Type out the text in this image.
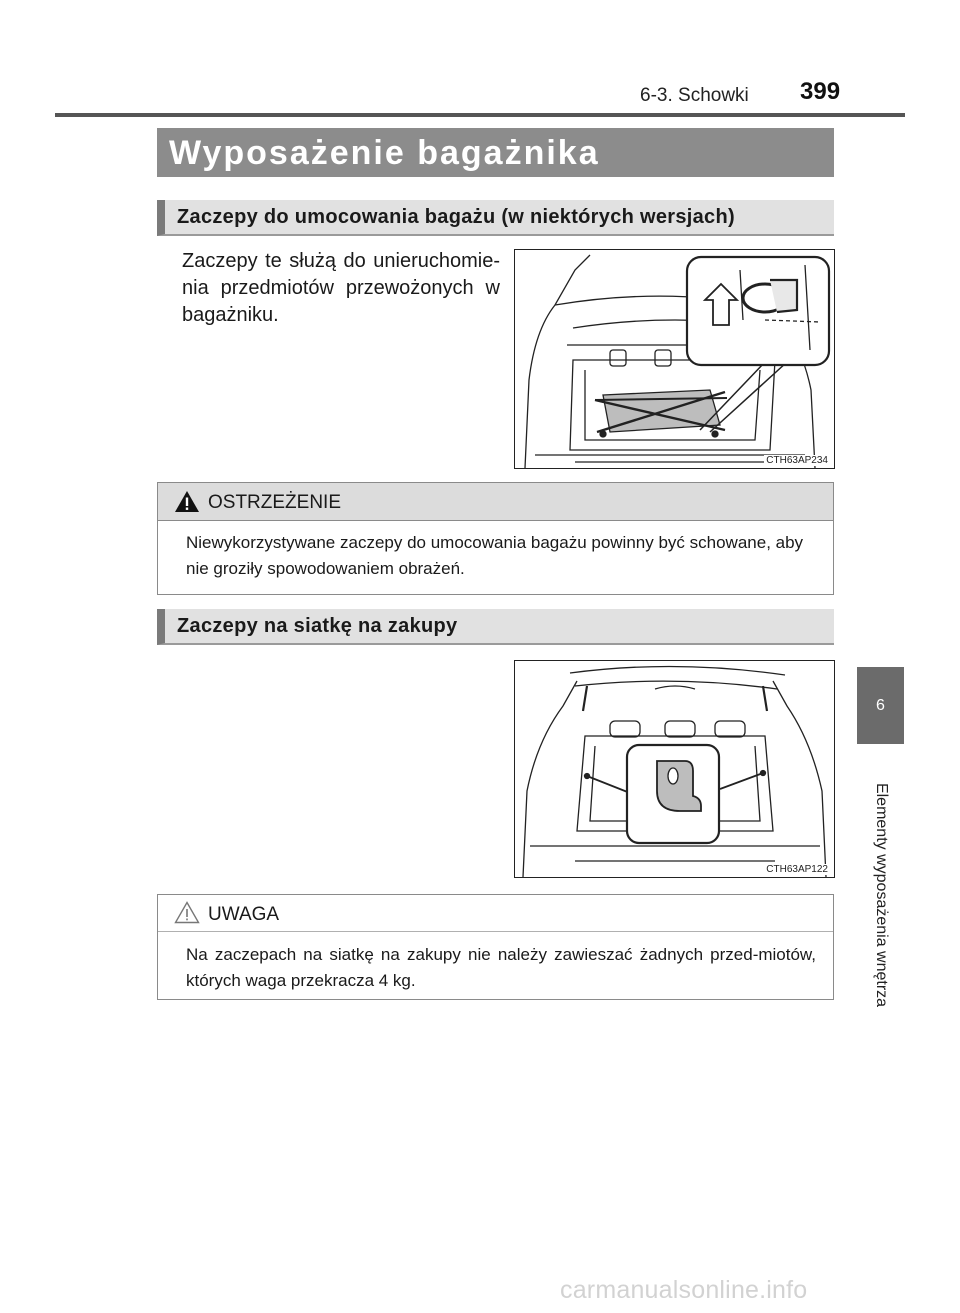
6-3. Schowki 399
Wyposażenie bagażnika
Zaczepy do umocowania bagażu (w niektórych wersjach)
Zaczepy te służą do unieruchomie-nia przedmiotów przewożonych w bagażniku.
CTH63AP234
OSTRZEŻENIE
Niewykorzystywane zaczepy do umocowania bagażu powinny być schowane, aby nie groziły spowodowaniem obrażeń.
Zaczepy na siatkę na zakupy
CTH63AP122
UWAGA
Na zaczepach na siatkę na zakupy nie należy zawieszać żadnych przed-miotów, których waga przekracza 4 kg.
6
Elementy wyposażenia wnętrza
carmanualsonline.info
